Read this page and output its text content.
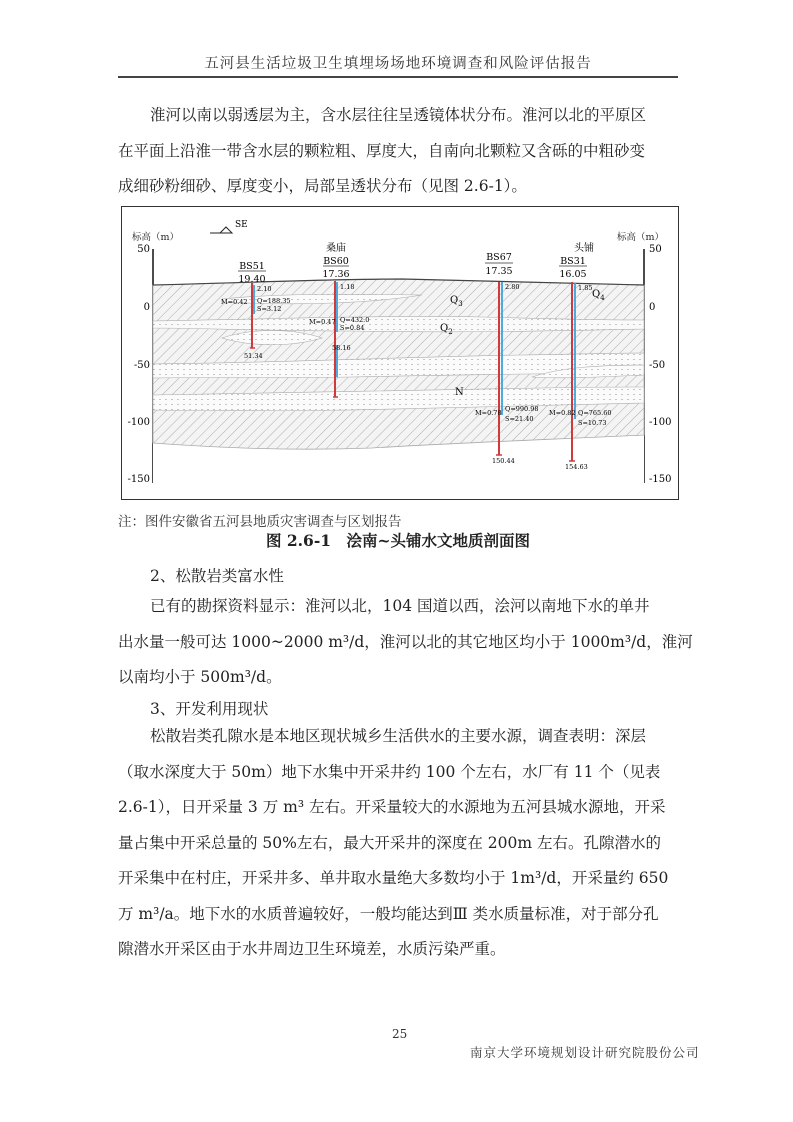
五河县生活垃圾卫生填埋场场地环境调查和风险评估报告
淮河以南以弱透层为主，含水层往往呈透镜体状分布。淮河以北的平原区
在平面上沿淮一带含水层的颗粒粗、厚度大，自南向北颗粒又含砾的中粗砂变
成细砂粉细砂、厚度变小，局部呈透状分布（见图 2.6-1）。
标高（m）
50
0
-50
-100
-150
标高（m）
50
0
-50
-100
-150
SE
$Q_3$
$Q_2$
N
$Q_4$
桑庙	头铺
BS51
19.40
2.10
Q=188.35
S=3.12
M=0.42
51.34
BS60
17.36
1.18
Q=432.0
S=0.84
M=0.47
58.16
BS67
17.35
2.80
Q=990.98
S=21.40
M=0.78
150.44
BS31
16.05
1.85
Q=765.60
S=10.73
M=0.82
154.63
注：图件安徽省五河县地质灾害调查与区划报告
图 2.6-1　浍南~头铺水文地质剖面图
2、松散岩类富水性
已有的勘探资料显示：淮河以北，104 国道以西，浍河以南地下水的单井
出水量一般可达 1000~2000 m³/d，淮河以北的其它地区均小于 1000m³/d，淮河
以南均小于 500m³/d。
3、开发利用现状
松散岩类孔隙水是本地区现状城乡生活供水的主要水源，调查表明：深层
（取水深度大于 50m）地下水集中开采井约 100 个左右，水厂有 11 个（见表
2.6-1），日开采量 3 万 m³ 左右。开采量较大的水源地为五河县城水源地，开采
量占集中开采总量的 50%左右，最大开采井的深度在 200m 左右。孔隙潜水的
开采集中在村庄，开采井多、单井取水量绝大多数均小于 1m³/d，开采量约 650
万 m³/a。地下水的水质普遍较好，一般均能达到Ⅲ 类水质量标准，对于部分孔
隙潜水开采区由于水井周边卫生环境差，水质污染严重。
25
南京大学环境规划设计研究院股份公司
